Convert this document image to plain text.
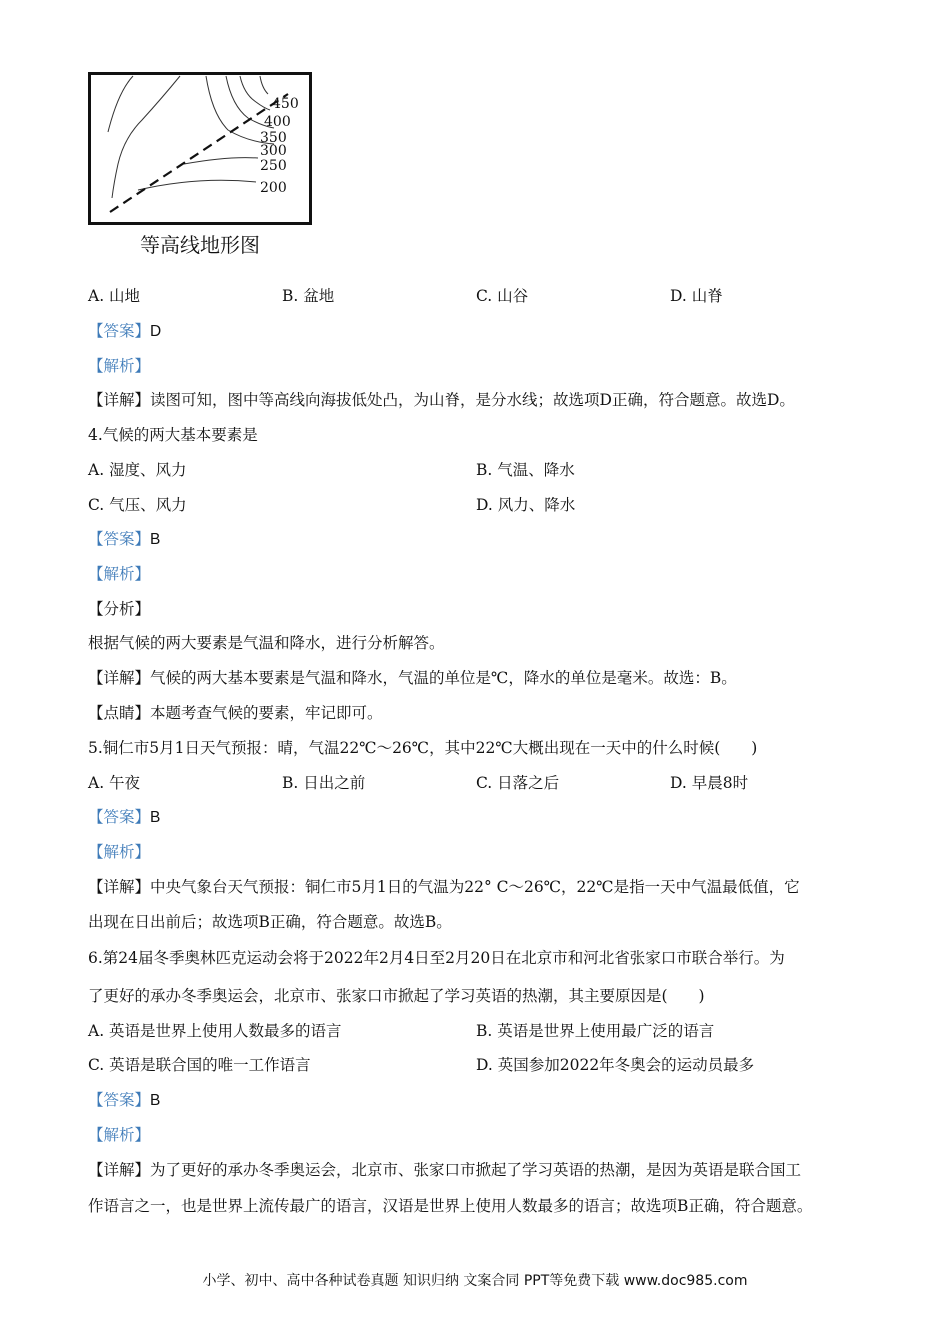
450
400
350
300
250
200
等高线地形图
A. 山地	B. 盆地	C. 山谷	D. 山脊
【答案】D
【解析】
【详解】读图可知，图中等高线向海拔低处凸，为山脊，是分水线；故选项D正确，符合题意。故选D。
4.气候的两大基本要素是
A. 湿度、风力	B. 气温、降水
C. 气压、风力	D. 风力、降水
【答案】B
【解析】
【分析】
根据气候的两大要素是气温和降水，进行分析解答。
【详解】气候的两大基本要素是气温和降水，气温的单位是℃，降水的单位是毫米。故选：B。
【点睛】本题考查气候的要素，牢记即可。
5.铜仁市5月1日天气预报：晴，气温22℃～26℃，其中22℃大概出现在一天中的什么时候(　　)
A. 午夜	B. 日出之前	C. 日落之后	D. 早晨8时
【答案】B
【解析】
【详解】中央气象台天气预报：铜仁市5月1日的气温为22° C～26℃，22℃是指一天中气温最低值，它
出现在日出前后；故选项B正确，符合题意。故选B。
6.第24届冬季奥林匹克运动会将于2022年2月4日至2月20日在北京市和河北省张家口市联合举行。为
了更好的承办冬季奥运会，北京市、张家口市掀起了学习英语的热潮，其主要原因是(　　)
A. 英语是世界上使用人数最多的语言	B. 英语是世界上使用最广泛的语言
C. 英语是联合国的唯一工作语言	D. 英国参加2022年冬奥会的运动员最多
【答案】B
【解析】
【详解】为了更好的承办冬季奥运会，北京市、张家口市掀起了学习英语的热潮，是因为英语是联合国工
作语言之一，也是世界上流传最广的语言，汉语是世界上使用人数最多的语言；故选项B正确，符合题意。
小学、初中、高中各种试卷真题 知识归纳 文案合同 PPT等免费下载 www.doc985.com
